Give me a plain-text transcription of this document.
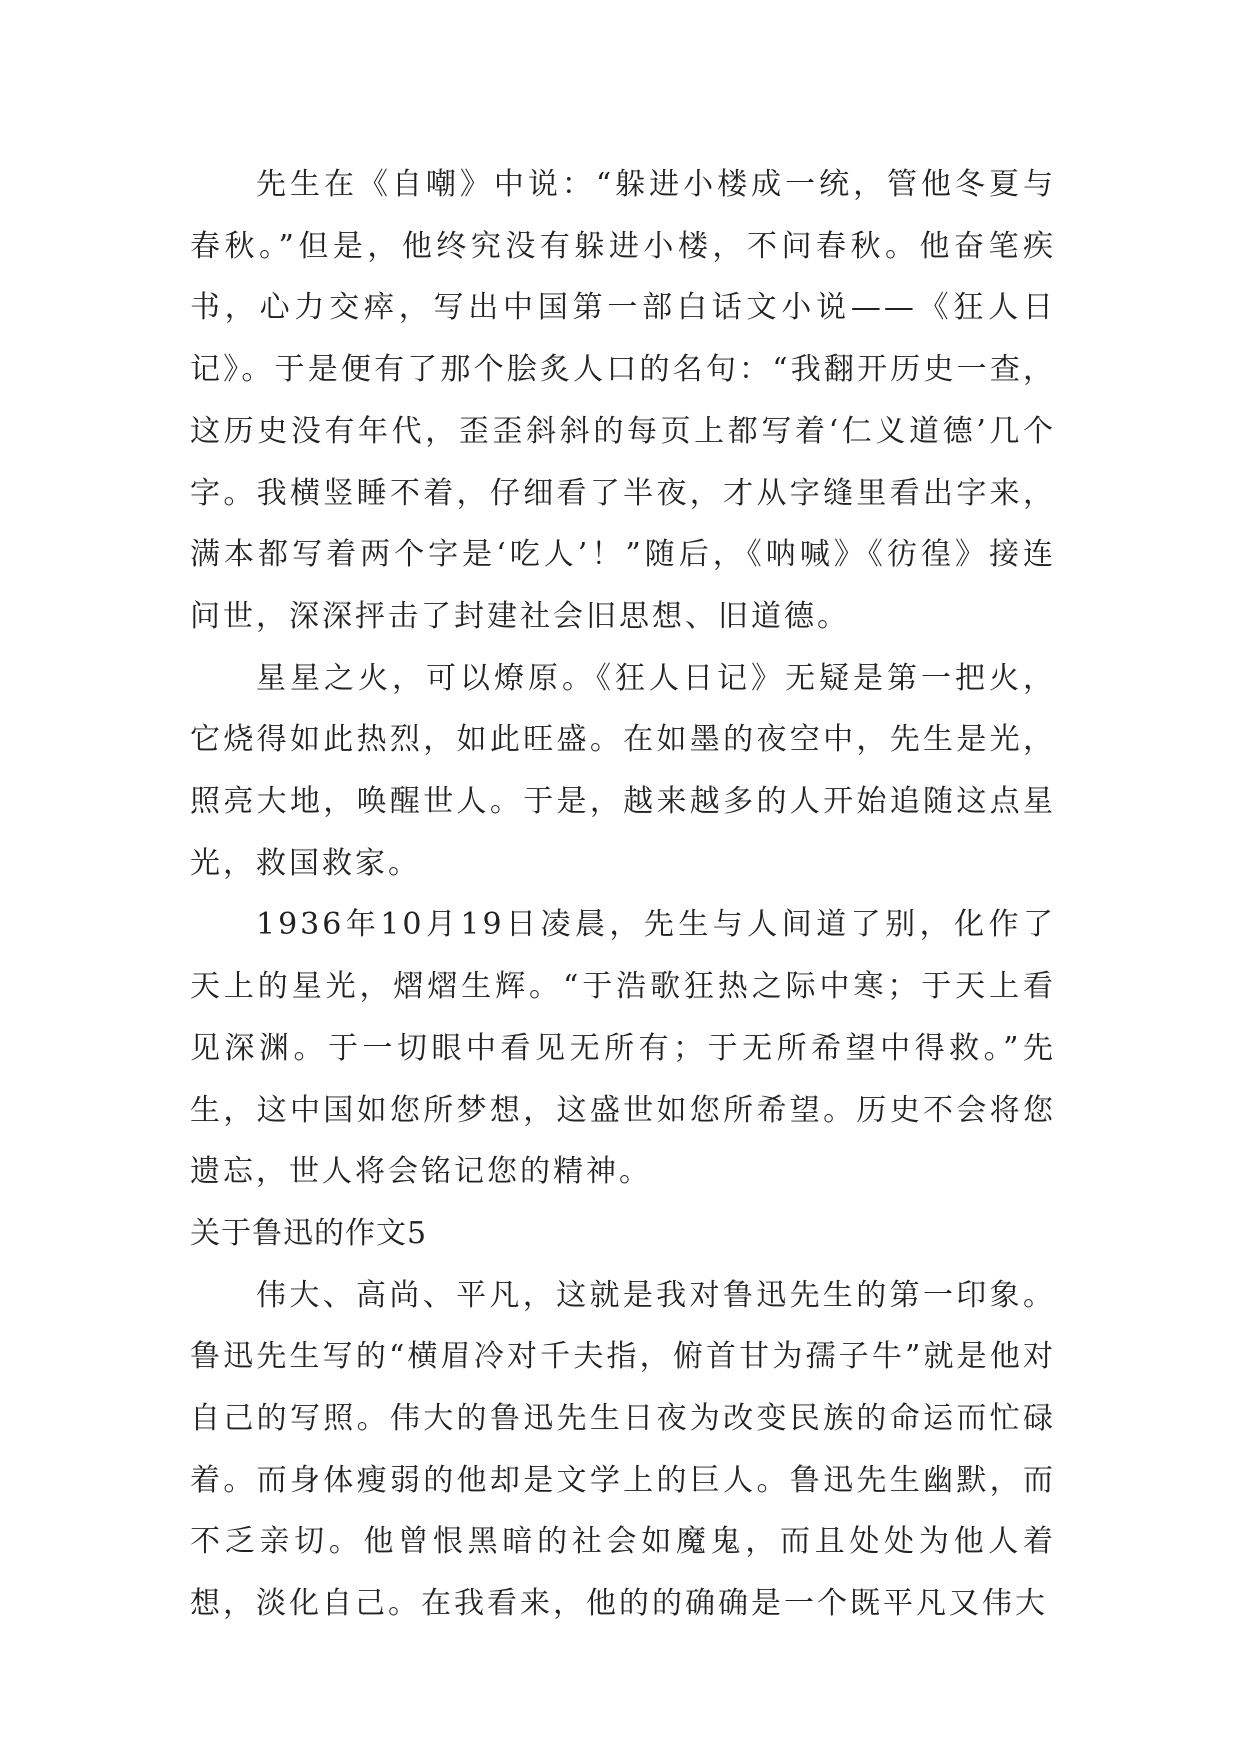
先生在《自嘲》中说：“躲进小楼成一统，管他冬夏与春秋。”但是，他终究没有躲进小楼，不问春秋。他奋笔疾书，心力交瘁，写出中国第一部白话文小说——《狂人日记》。于是便有了那个脍炙人口的名句：“我翻开历史一查，这历史没有年代，歪歪斜斜的每页上都写着‘仁义道德’几个字。我横竖睡不着，仔细看了半夜，才从字缝里看出字来，满本都写着两个字是‘吃人’！”随后，《呐喊》《彷徨》接连问世，深深抨击了封建社会旧思想、旧道德。

星星之火，可以燎原。《狂人日记》无疑是第一把火，它烧得如此热烈，如此旺盛。在如墨的夜空中，先生是光，照亮大地，唤醒世人。于是，越来越多的人开始追随这点星光，救国救家。

1936年10月19日凌晨，先生与人间道了别，化作了天上的星光，熠熠生辉。“于浩歌狂热之际中寒；于天上看见深渊。于一切眼中看见无所有；于无所希望中得救。”先生，这中国如您所梦想，这盛世如您所希望。历史不会将您遗忘，世人将会铭记您的精神。

关于鲁迅的作文5

伟大、高尚、平凡，这就是我对鲁迅先生的第一印象。鲁迅先生写的“横眉冷对千夫指，俯首甘为孺子牛”就是他对自己的写照。伟大的鲁迅先生日夜为改变民族的命运而忙碌着。而身体瘦弱的他却是文学上的巨人。鲁迅先生幽默，而不乏亲切。他曾恨黑暗的社会如魔鬼，而且处处为他人着想，淡化自己。在我看来，他的的确确是一个既平凡又伟大
